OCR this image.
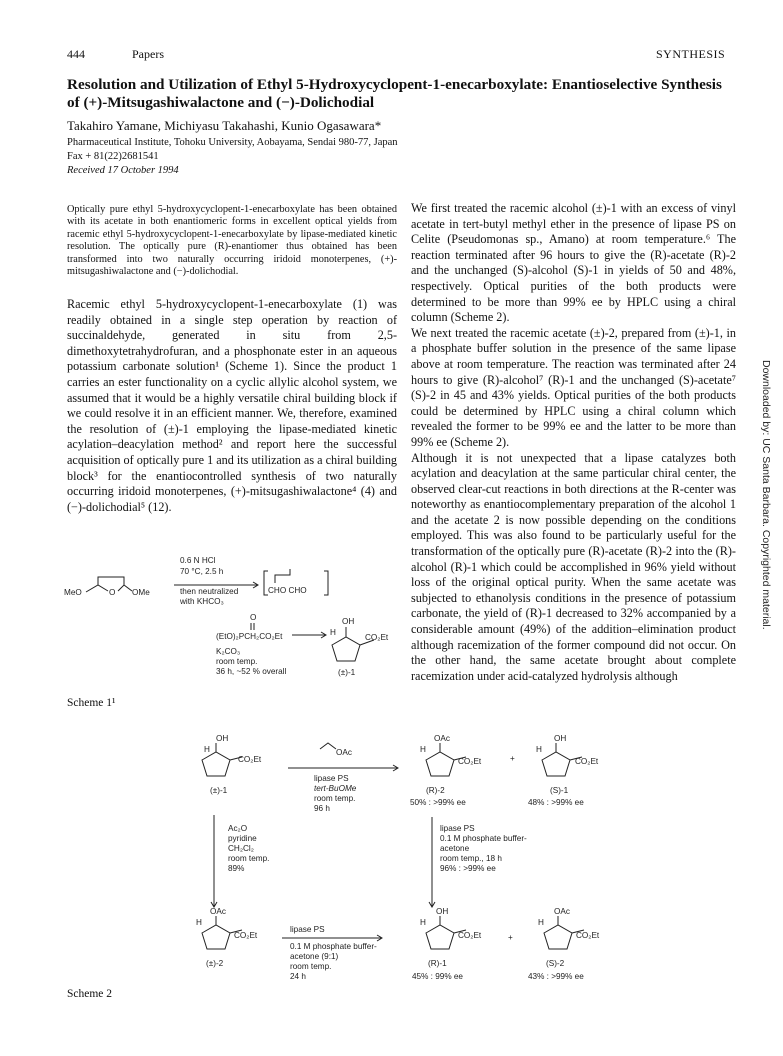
444	Papers	SYNTHESIS
Resolution and Utilization of Ethyl 5-Hydroxycyclopent-1-enecarboxylate: Enantioselective Synthesis of (+)-Mitsugashiwalactone and (−)-Dolichodial
Takahiro Yamane, Michiyasu Takahashi, Kunio Ogasawara*
Pharmaceutical Institute, Tohoku University, Aobayama, Sendai 980-77, Japan
Fax + 81(22)2681541
Received 17 October 1994
Optically pure ethyl 5-hydroxycyclopent-1-enecarboxylate has been obtained with its acetate in both enantiomeric forms in excellent optical yields from racemic ethyl 5-hydroxycyclopent-1-enecarboxylate by lipase-mediated kinetic resolution. The optically pure (R)-enantiomer thus obtained has been transformed into two naturally occurring iridoid monoterpenes, (+)-mitsugashiwalactone and (−)-dolichodial.
Racemic ethyl 5-hydroxycyclopent-1-enecarboxylate (1) was readily obtained in a single step operation by reaction of succinaldehyde, generated in situ from 2,5-dimethoxytetrahydrofuran, and a phosphonate ester in an aqueous potassium carbonate solution¹ (Scheme 1). Since the product 1 carries an ester functionality on a cyclic allylic alcohol system, we assumed that it would be a highly versatile chiral building block if we could resolve it in an efficient manner. We, therefore, examined the resolution of (±)-1 employing the lipase-mediated kinetic acylation–deacylation method² and report here the successful acquisition of optically pure 1 and its utilization as a chiral building block³ for the enantiocontrolled synthesis of two naturally occurring iridoid monoterpenes, (+)-mitsugashiwalactone⁴ (4) and (−)-dolichodial⁵ (12).

We first treated the racemic alcohol (±)-1 with an excess of vinyl acetate in tert-butyl methyl ether in the presence of lipase PS on Celite (Pseudomonas sp., Amano) at room temperature.⁶ The reaction terminated after 96 hours to give the (R)-acetate (R)-2 and the unchanged (S)-alcohol (S)-1 in yields of 50 and 48%, respectively. Optical purities of the both products were determined to be more than 99% ee by HPLC using a chiral column (Scheme 2).

We next treated the racemic acetate (±)-2, prepared from (±)-1, in a phosphate buffer solution in the presence of the same lipase above at room temperature. The reaction was terminated after 24 hours to give (R)-alcohol⁷ (R)-1 and the unchanged (S)-acetate⁷ (S)-2 in 45 and 43% yields. Optical purities of the both products could be determined by HPLC using a chiral column which revealed the former to be 99% ee and the latter to be more than 99% ee (Scheme 2).

Although it is not unexpected that a lipase catalyzes both acylation and deacylation at the same particular chiral center, the observed clear-cut reactions in both directions at the R-center was noteworthy as enantiocomplementary preparation of the alcohol 1 and the acetate 2 is now possible depending on the conditions employed. This was also found to be particularly useful for the transformation of the optically pure (R)-acetate (R)-2 into the (R)-alcohol (R)-1 which could be accomplished in 96% yield without loss of the original optical purity. When the same acetate was subjected to ethanolysis conditions in the presence of potassium carbonate, the yield of (R)-1 decreased to 32% accompanied by a considerable amount (49%) of the addition–elimination product although racemization of the former compound did not occur. On the other hand, the same acetate brought about complete racemization under acid-catalyzed hydrolysis although

MeO	O OMe
0.6 N HCl
70 °C, 2.5 h
then neutralized
with KHCO₃
CHO CHO
O
(EtO)₂PCH₂CO₂Et
K₂CO₃
room temp.
36 h, ~52 % overall
OH
H
CO₂Et
(±)-1
Scheme 1¹
OH
H
CO₂Et
(±)-1
OAc
lipase PS
tert-BuOMe
room temp.
96 h
OAc
H
CO₂Et
(R)-2
50% : >99% ee
+
OH
H
CO₂Et
(S)-1
48% : >99% ee
Ac₂O
pyridine
CH₂Cl₂
room temp.
89%
lipase PS
0.1 M phosphate buffer-
acetone
room temp., 18 h
96% : >99% ee
OAc
H
CO₂Et
(±)-2
lipase PS
0.1 M phosphate buffer-
acetone (9:1)
room temp.
24 h
OH
H
CO₂Et
(R)-1
45% : 99% ee
+
OAc
H
CO₂Et
(S)-2
43% : >99% ee
Scheme 2
Downloaded by: UC Santa Barbara. Copyrighted material.
